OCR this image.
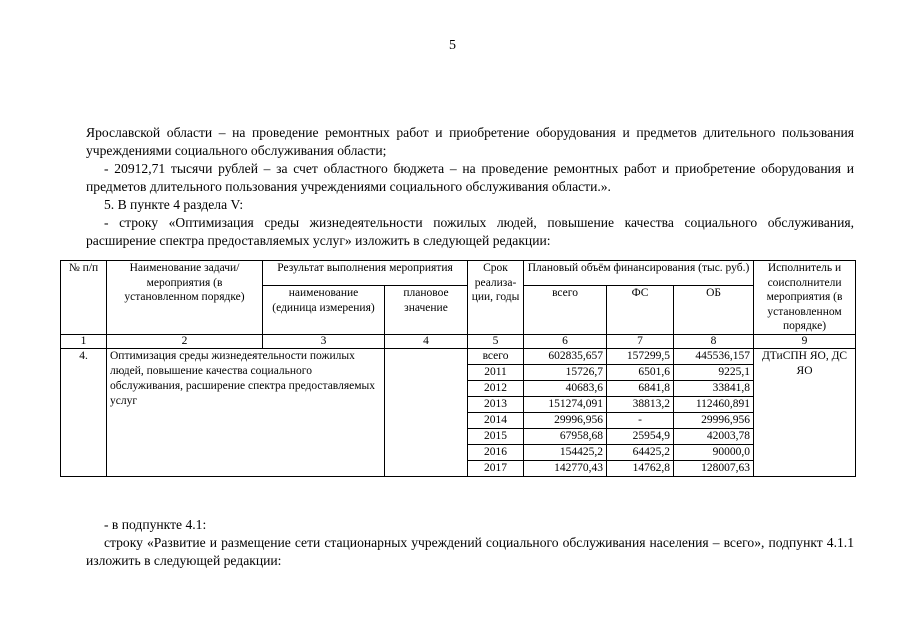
5
Ярославской области – на проведение ремонтных работ и приобретение оборудования и предметов длительного пользования учреждениями социального обслуживания области;
- 20912,71 тысячи рублей – за счет областного бюджета – на проведение ремонтных работ и приобретение оборудования и предметов длительного пользования учреждениями социального обслуживания области.».
5. В пункте 4 раздела V:
- строку «Оптимизация среды жизнедеятельности пожилых людей, повышение качества социального обслуживания, расширение спектра предоставляемых услуг» изложить в следующей редакции:
№ п/п	Наименование задачи/ мероприятия (в установленном порядке)	Результат выполнения мероприятия		Срок реализа-ции, годы	Плановый объём финансирования (тыс. руб.)			Исполнитель и соисполнители мероприятия (в установленном порядке)
		наименование (единица измерения)	плановое значение		всего	ФС	ОБ	
1	2	3	4	5	6	7	8	9
4.	Оптимизация среды жизнедеятельности пожилых людей, повышение качества социального обслуживания, расширение спектра предоставляемых услуг			всего	602835,657	157299,5	445536,157	ДТиСПН ЯО, ДС ЯО
				2011	15726,7	6501,6	9225,1	
				2012	40683,6	6841,8	33841,8	
				2013	151274,091	38813,2	112460,891	
				2014	29996,956	-	29996,956	
				2015	67958,68	25954,9	42003,78	
				2016	154425,2	64425,2	90000,0	
				2017	142770,43	14762,8	128007,63	
- в подпункте 4.1:
строку «Развитие и размещение сети стационарных учреждений социального обслуживания населения – всего», подпункт 4.1.1 изложить в следующей редакции:
